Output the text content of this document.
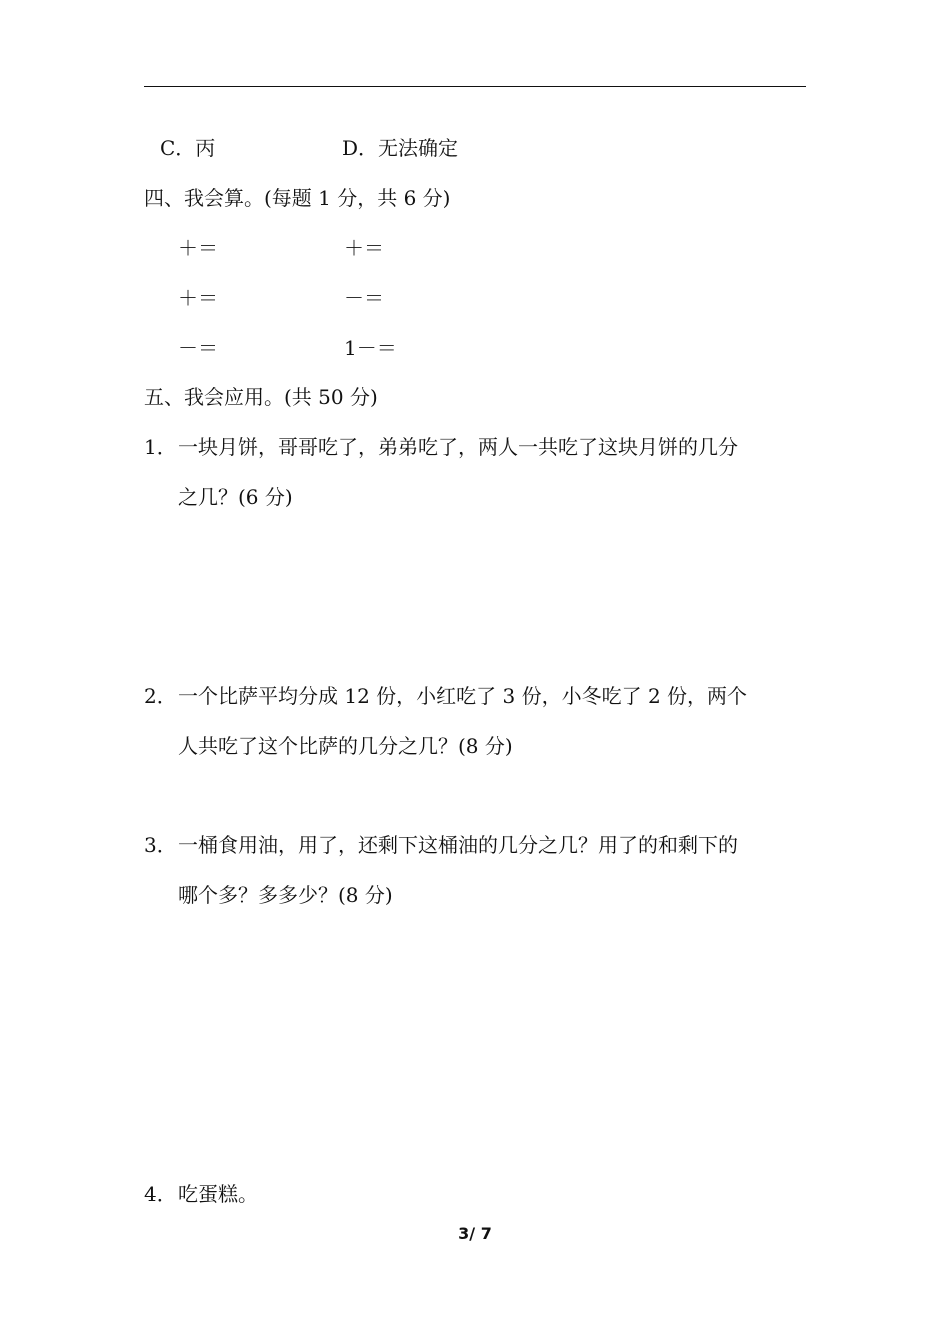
C．丙	D．无法确定
四、我会算。(每题 1 分，共 6 分)
＋＝	＋＝
＋＝	－＝
－＝	1－＝
五、我会应用。(共 50 分)
1．一块月饼，哥哥吃了，弟弟吃了，两人一共吃了这块月饼的几分
之几？(6 分)
2．一个比萨平均分成 12 份，小红吃了 3 份，小冬吃了 2 份，两个
人共吃了这个比萨的几分之几？(8 分)
3．一桶食用油，用了，还剩下这桶油的几分之几？用了的和剩下的
哪个多？多多少？(8 分)
4．吃蛋糕。
3/ 7
